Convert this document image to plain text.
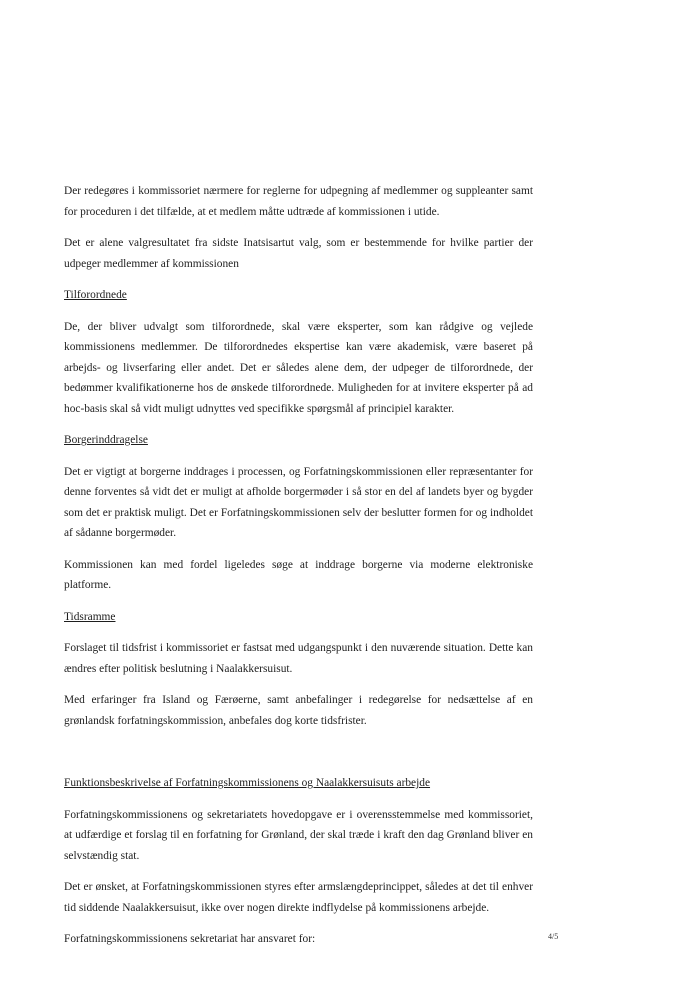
Der redegøres i kommissoriet nærmere for reglerne for udpegning af medlemmer og suppleanter samt for proceduren i det tilfælde, at et medlem måtte udtræde af kommissionen i utide.

Det er alene valgresultatet fra sidste Inatsisartut valg, som er bestemmende for hvilke partier der udpeger medlemmer af kommissionen

Tilforordnede

De, der bliver udvalgt som tilforordnede, skal være eksperter, som kan rådgive og vejlede kommissionens medlemmer. De tilforordnedes ekspertise kan være akademisk, være baseret på arbejds- og livserfaring eller andet. Det er således alene dem, der udpeger de tilforordnede, der bedømmer kvalifikationerne hos de ønskede tilforordnede. Muligheden for at invitere eksperter på ad hoc-basis skal så vidt muligt udnyttes ved specifikke spørgsmål af principiel karakter.

Borgerinddragelse

Det er vigtigt at borgerne inddrages i processen, og Forfatningskommissionen eller repræsentanter for denne forventes så vidt det er muligt at afholde borgermøder i så stor en del af landets byer og bygder som det er praktisk muligt. Det er Forfatningskommissionen selv der beslutter formen for og indholdet af sådanne borgermøder.

Kommissionen kan med fordel ligeledes søge at inddrage borgerne via moderne elektroniske platforme.

Tidsramme

Forslaget til tidsfrist i kommissoriet er fastsat med udgangspunkt i den nuværende situation. Dette kan ændres efter politisk beslutning i Naalakkersuisut.

Med erfaringer fra Island og Færøerne, samt anbefalinger i redegørelse for nedsættelse af en grønlandsk forfatningskommission, anbefales dog korte tidsfrister.

Funktionsbeskrivelse af Forfatningskommissionens og Naalakkersuisuts arbejde

Forfatningskommissionens og sekretariatets hovedopgave er i overensstemmelse med kommissoriet, at udfærdige et forslag til en forfatning for Grønland, der skal træde i kraft den dag Grønland bliver en selvstændig stat.

Det er ønsket, at Forfatningskommissionen styres efter armslængdeprincippet, således at det til enhver tid siddende Naalakkersuisut, ikke over nogen direkte indflydelse på kommissionens arbejde.

Forfatningskommissionens sekretariat har ansvaret for:	4/5
